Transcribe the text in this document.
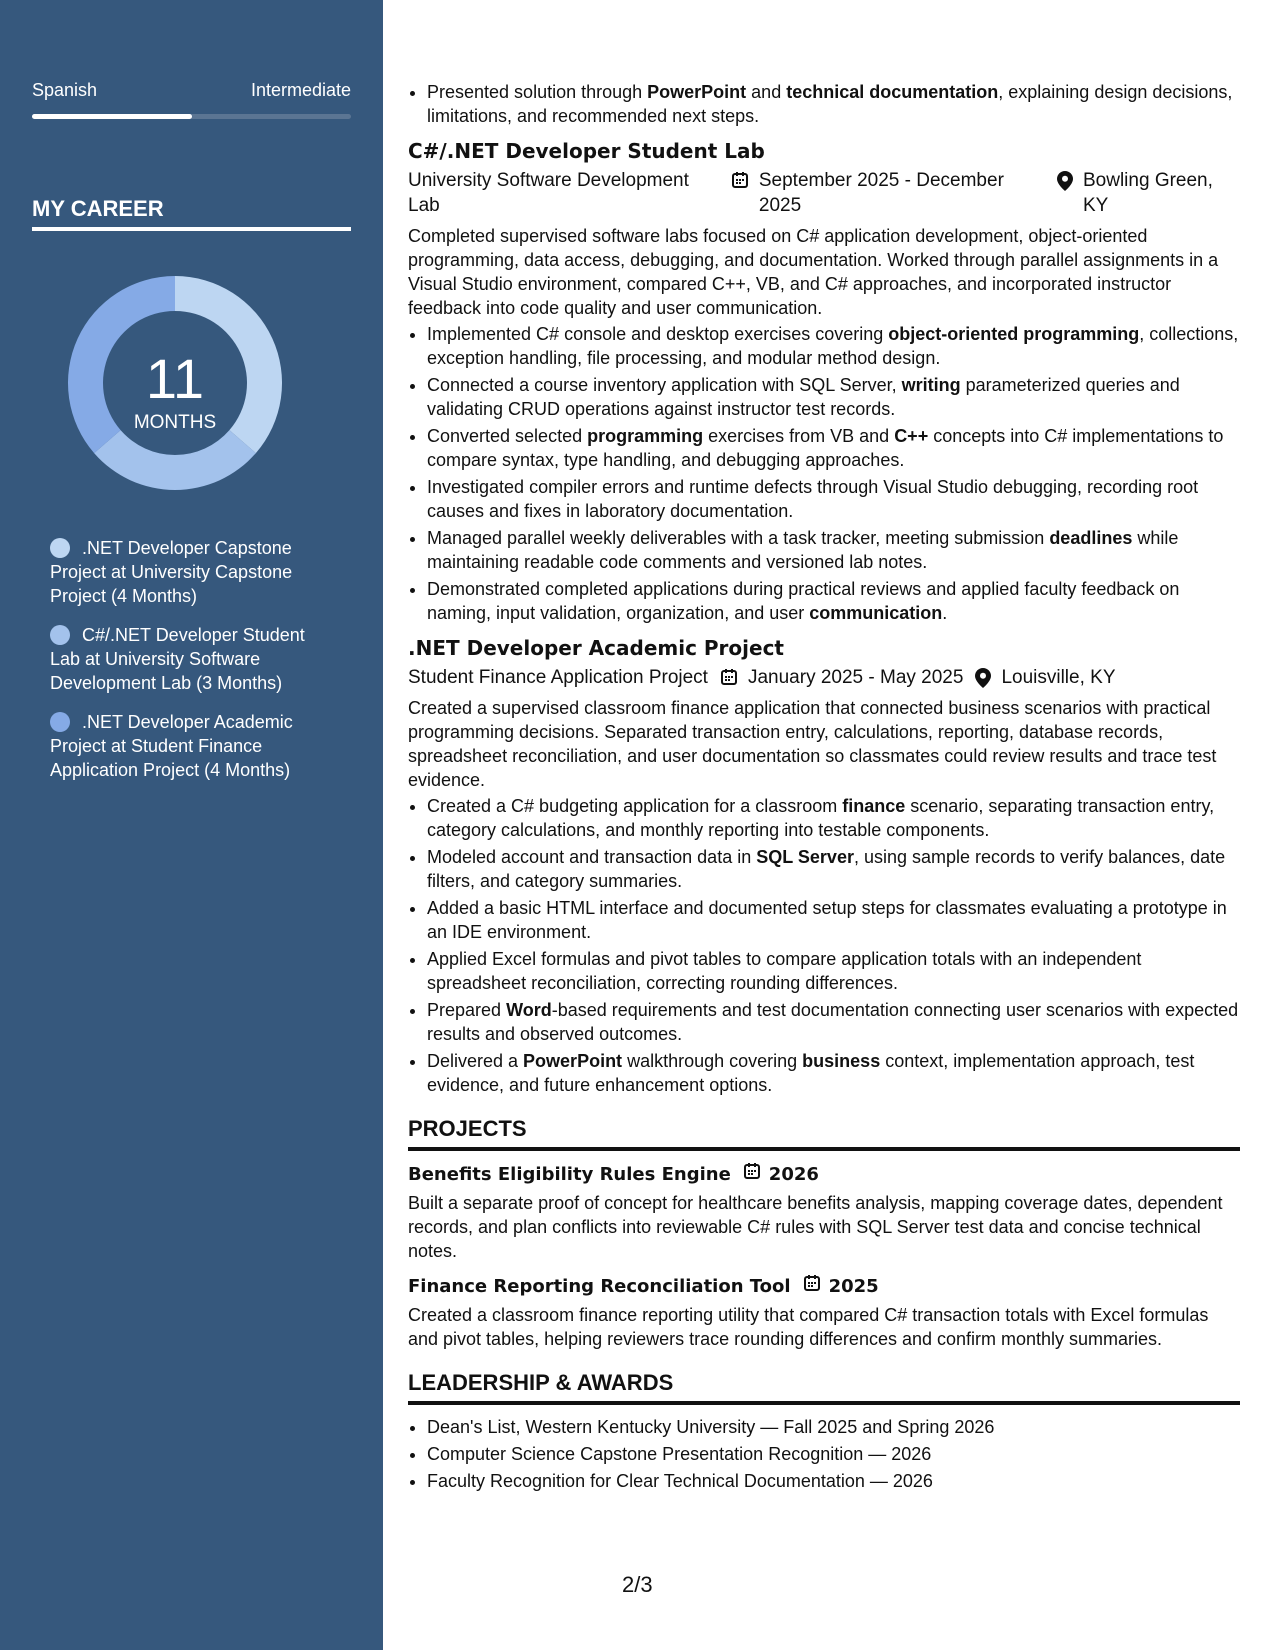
Spanish	Intermediate
MY CAREER
11
MONTHS
.NET Developer Capstone Project at University Capstone Project (4 Months)
C#/.NET Developer Student Lab at University Software Development Lab (3 Months)
.NET Developer Academic Project at Student Finance Application Project (4 Months)
• Presented solution through PowerPoint and technical documentation, explaining design decisions, limitations, and recommended next steps.
C#/.NET Developer Student Lab
University Software Development Lab
September 2025 - December 2025
Bowling Green, KY
Completed supervised software labs focused on C# application development, object-oriented programming, data access, debugging, and documentation. Worked through parallel assignments in a Visual Studio environment, compared C++, VB, and C# approaches, and incorporated instructor feedback into code quality and user communication.
• Implemented C# console and desktop exercises covering object-oriented programming, collections, exception handling, file processing, and modular method design.
• Connected a course inventory application with SQL Server, writing parameterized queries and validating CRUD operations against instructor test records.
• Converted selected programming exercises from VB and C++ concepts into C# implementations to compare syntax, type handling, and debugging approaches.
• Investigated compiler errors and runtime defects through Visual Studio debugging, recording root causes and fixes in laboratory documentation.
• Managed parallel weekly deliverables with a task tracker, meeting submission deadlines while maintaining readable code comments and versioned lab notes.
• Demonstrated completed applications during practical reviews and applied faculty feedback on naming, input validation, organization, and user communication.
.NET Developer Academic Project
Student Finance Application Project January 2025 - May 2025 Louisville, KY
Created a supervised classroom finance application that connected business scenarios with practical programming decisions. Separated transaction entry, calculations, reporting, database records, spreadsheet reconciliation, and user documentation so classmates could review results and trace test evidence.
• Created a C# budgeting application for a classroom finance scenario, separating transaction entry, category calculations, and monthly reporting into testable components.
• Modeled account and transaction data in SQL Server, using sample records to verify balances, date filters, and category summaries.
• Added a basic HTML interface and documented setup steps for classmates evaluating a prototype in an IDE environment.
• Applied Excel formulas and pivot tables to compare application totals with an independent spreadsheet reconciliation, correcting rounding differences.
• Prepared Word-based requirements and test documentation connecting user scenarios with expected results and observed outcomes.
• Delivered a PowerPoint walkthrough covering business context, implementation approach, test evidence, and future enhancement options.
PROJECTS
Benefits Eligibility Rules Engine 2026
Built a separate proof of concept for healthcare benefits analysis, mapping coverage dates, dependent records, and plan conflicts into reviewable C# rules with SQL Server test data and concise technical notes.
Finance Reporting Reconciliation Tool 2025
Created a classroom finance reporting utility that compared C# transaction totals with Excel formulas and pivot tables, helping reviewers trace rounding differences and confirm monthly summaries.
LEADERSHIP & AWARDS
• Dean's List, Western Kentucky University — Fall 2025 and Spring 2026
• Computer Science Capstone Presentation Recognition — 2026
• Faculty Recognition for Clear Technical Documentation — 2026
2/3
